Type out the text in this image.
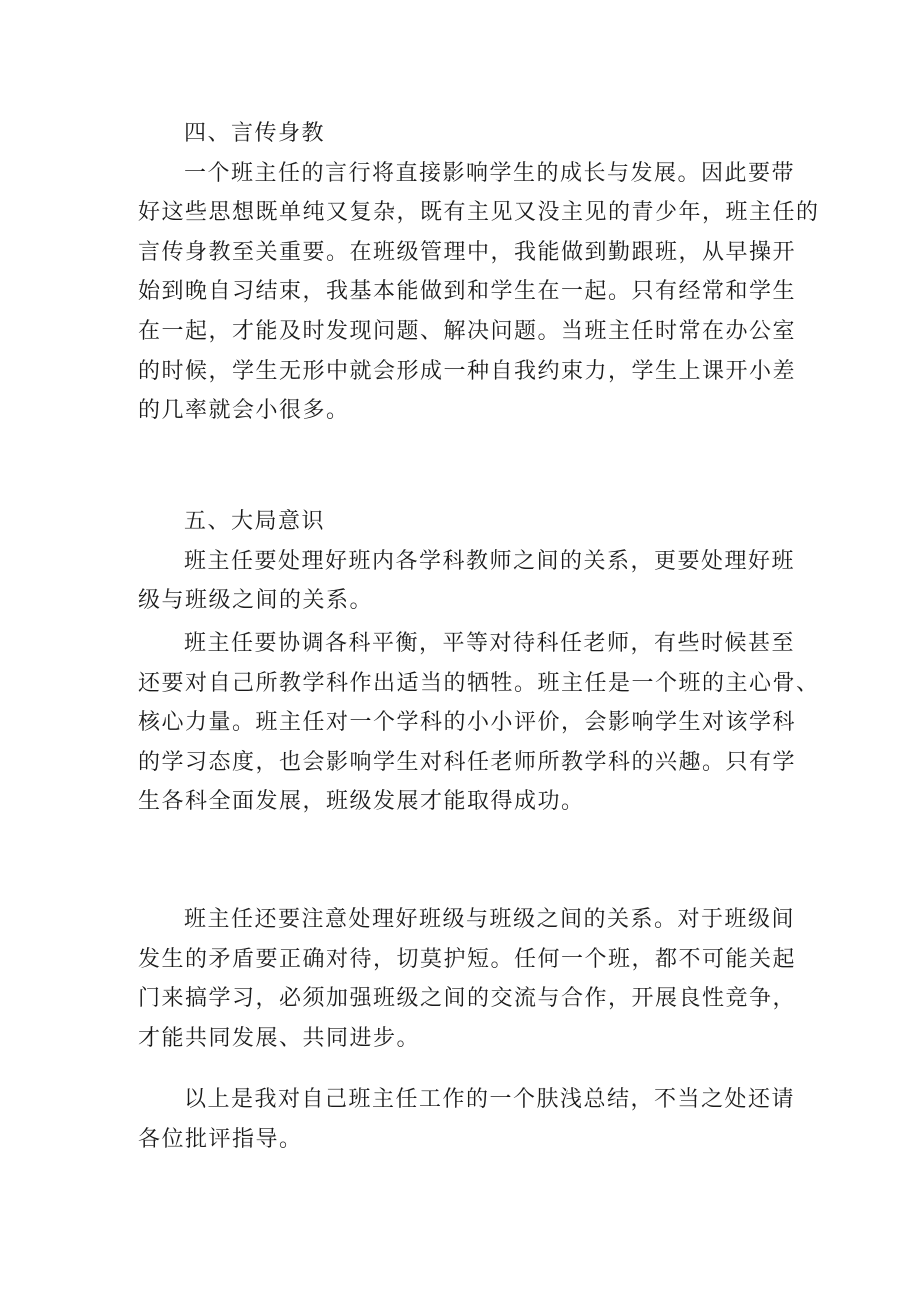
四、言传身教
一个班主任的言行将直接影响学生的成长与发展。因此要带
好这些思想既单纯又复杂，既有主见又没主见的青少年，班主任的
言传身教至关重要。在班级管理中，我能做到勤跟班，从早操开
始到晚自习结束，我基本能做到和学生在一起。只有经常和学生
在一起，才能及时发现问题、解决问题。当班主任时常在办公室
的时候，学生无形中就会形成一种自我约束力，学生上课开小差
的几率就会小很多。

五、大局意识
班主任要处理好班内各学科教师之间的关系，更要处理好班
级与班级之间的关系。

班主任要协调各科平衡，平等对待科任老师，有些时候甚至
还要对自己所教学科作出适当的牺牲。班主任是一个班的主心骨、
核心力量。班主任对一个学科的小小评价，会影响学生对该学科
的学习态度，也会影响学生对科任老师所教学科的兴趣。只有学
生各科全面发展，班级发展才能取得成功。

班主任还要注意处理好班级与班级之间的关系。对于班级间
发生的矛盾要正确对待，切莫护短。任何一个班，都不可能关起
门来搞学习，必须加强班级之间的交流与合作，开展良性竞争，
才能共同发展、共同进步。

以上是我对自己班主任工作的一个肤浅总结，不当之处还请
各位批评指导。
